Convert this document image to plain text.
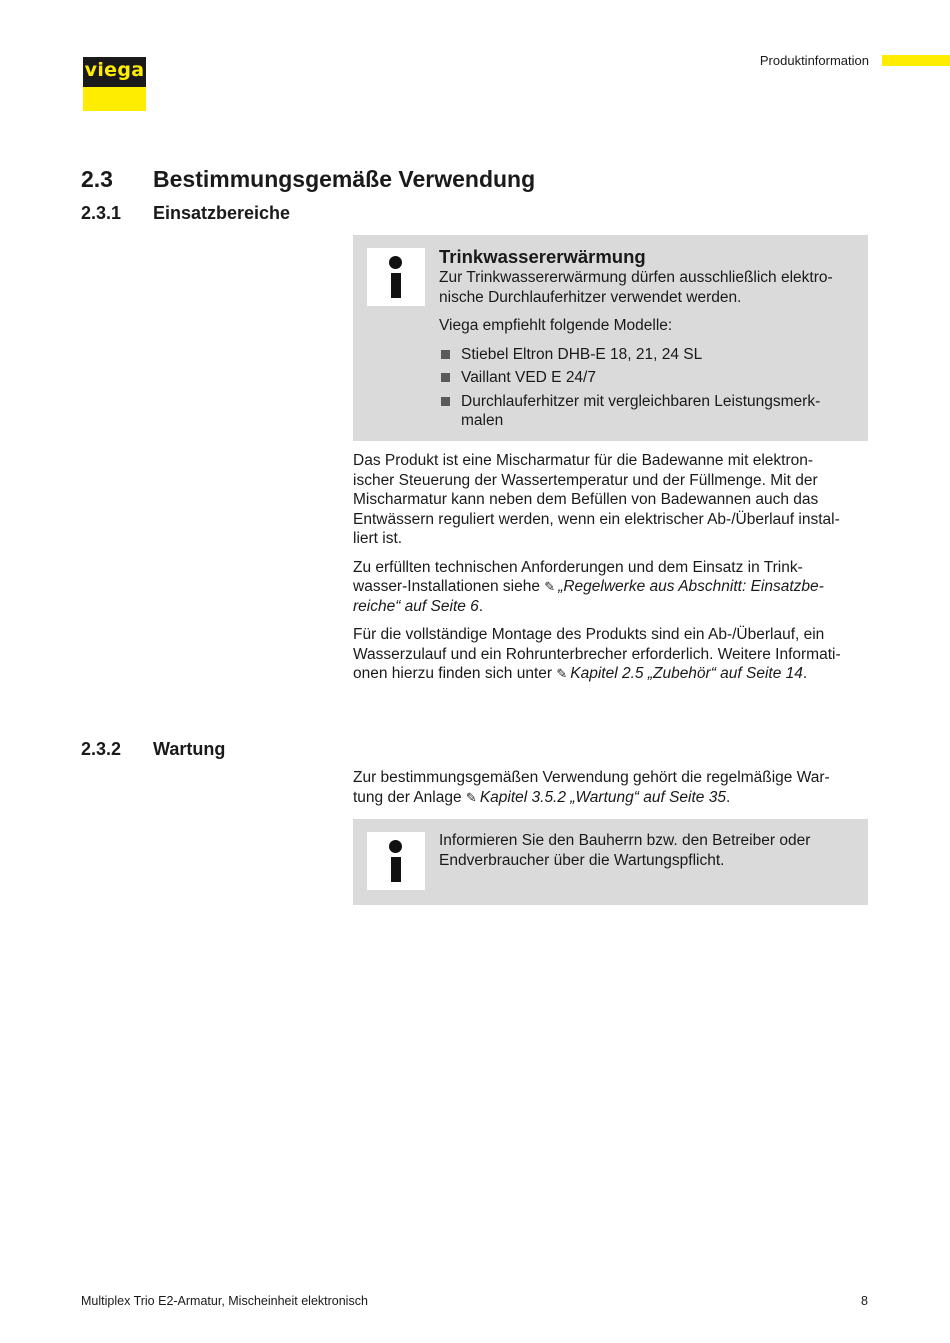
viega	Produktinformation
2.3 Bestimmungsgemäße Verwendung
2.3.1 Einsatzbereiche
Trinkwassererwärmung
Zur Trinkwassererwärmung dürfen ausschließlich elektro-
nische Durchlauferhitzer verwendet werden.
Viega empfiehlt folgende Modelle:
Stiebel Eltron DHB-E 18, 21, 24 SL
Vaillant VED E 24/7
Durchlauferhitzer mit vergleichbaren Leistungsmerk-
malen

Das Produkt ist eine Mischarmatur für die Badewanne mit elektron-
ischer Steuerung der Wassertemperatur und der Füllmenge. Mit der
Mischarmatur kann neben dem Befüllen von Badewannen auch das
Entwässern reguliert werden, wenn ein elektrischer Ab-/Überlauf instal-
liert ist.

Zu erfüllten technischen Anforderungen und dem Einsatz in Trink-
wasser-Installationen siehe ✎ „Regelwerke aus Abschnitt: Einsatzbe-
reiche“ auf Seite 6.

Für die vollständige Montage des Produkts sind ein Ab-/Überlauf, ein
Wasserzulauf und ein Rohrunterbrecher erforderlich. Weitere Informati-
onen hierzu finden sich unter ✎ Kapitel 2.5 „Zubehör“ auf Seite 14.

2.3.2 Wartung

Zur bestimmungsgemäßen Verwendung gehört die regelmäßige War-
tung der Anlage ✎ Kapitel 3.5.2 „Wartung“ auf Seite 35.

Informieren Sie den Bauherrn bzw. den Betreiber oder
Endverbraucher über die Wartungspflicht.
Multiplex Trio E2-Armatur, Mischeinheit elektronisch	8
